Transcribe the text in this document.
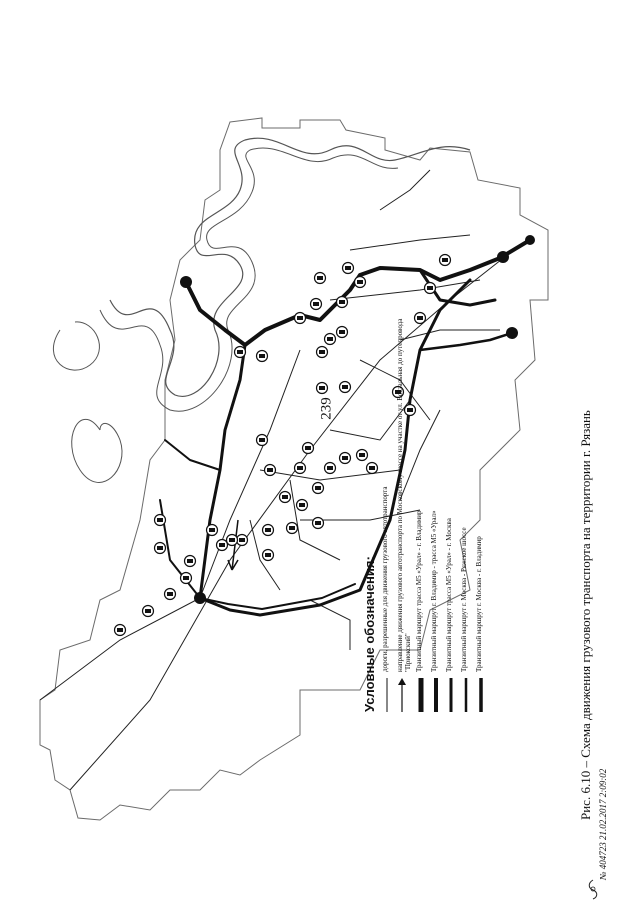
239
Условные обозначения: дороги, разрешенные для движения грузового автотранспорта направление движения грузового автотранспорта по Московскому шоссе на участке от ул. Вокзальная до путепровода "Приокский" Транзитный маршрут трасса М5 «Урал» - г. Владимир Транзитный маршрут г. Владимир - трасса М5 «Урал» Транзитный маршрут трасса М5 «Урал» - г. Москва Транзитный маршрут г. Москва - Ряжское шоссе Транзитный маршрут г. Москва - г. Владимир	Рис. 6.10 – Схема движения грузового транспорта на территории г. Рязань
№ 404723 21.02.2017 2:09:02
